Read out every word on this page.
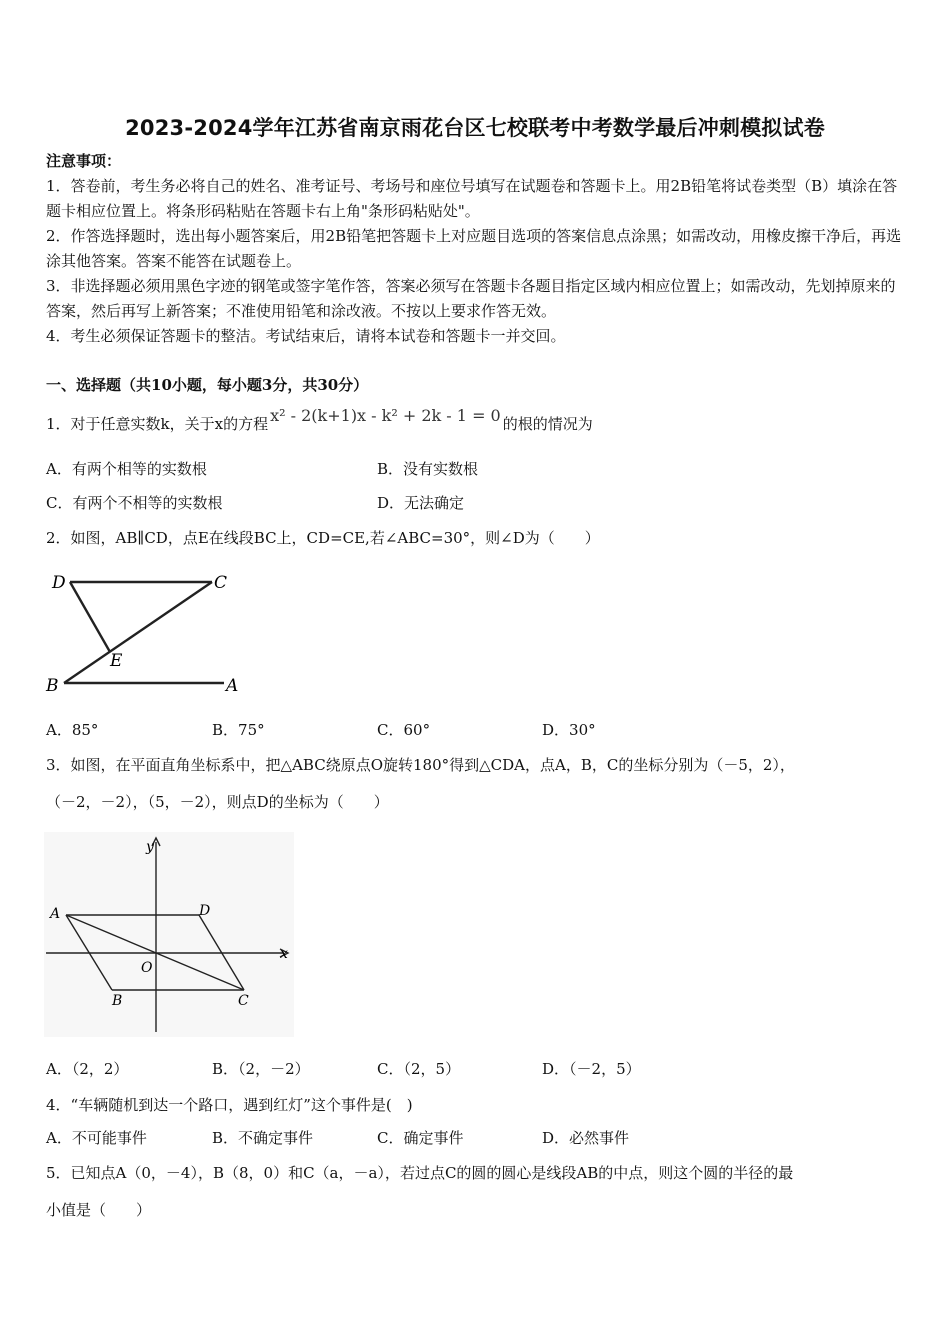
2023-2024学年江苏省南京雨花台区七校联考中考数学最后冲刺模拟试卷
注意事项：
1．答卷前，考生务必将自己的姓名、准考证号、考场号和座位号填写在试题卷和答题卡上。用2B铅笔将试卷类型（B）填涂在答题卡相应位置上。将条形码粘贴在答题卡右上角"条形码粘贴处"。
2．作答选择题时，选出每小题答案后，用2B铅笔把答题卡上对应题目选项的答案信息点涂黑；如需改动，用橡皮擦干净后，再选涂其他答案。答案不能答在试题卷上。
3．非选择题必须用黑色字迹的钢笔或签字笔作答，答案必须写在答题卡各题目指定区域内相应位置上；如需改动，先划掉原来的答案，然后再写上新答案；不准使用铅笔和涂改液。不按以上要求作答无效。
4．考生必须保证答题卡的整洁。考试结束后，请将本试卷和答题卡一并交回。
一、选择题（共10小题，每小题3分，共30分）
1．对于任意实数k，关于x的方程 x² - 2(k+1)x - k² + 2k - 1 = 0 的根的情况为
A．有两个相等的实数根	B．没有实数根
C．有两个不相等的实数根	D．无法确定
2．如图，AB∥CD，点E在线段BC上，CD=CE,若∠ABC=30°，则∠D为（　　）
D	C
E
B	A
A．85°	B．75°	C．60°	D．30°
3．如图，在平面直角坐标系中，把△ABC绕原点O旋转180°得到△CDA，点A，B，C的坐标分别为（－5，2），
（－2，－2），（5，－2），则点D的坐标为（　　）
y
x
A	D
O
B	C
A．（2，2）	B．（2，－2）	C．（2，5）	D．（－2，5）
4．“车辆随机到达一个路口，遇到红灯”这个事件是(　)
A．不可能事件	B．不确定事件	C．确定事件	D．必然事件
5．已知点A（0，－4），B（8，0）和C（a，－a），若过点C的圆的圆心是线段AB的中点，则这个圆的半径的最
小值是（　　）
